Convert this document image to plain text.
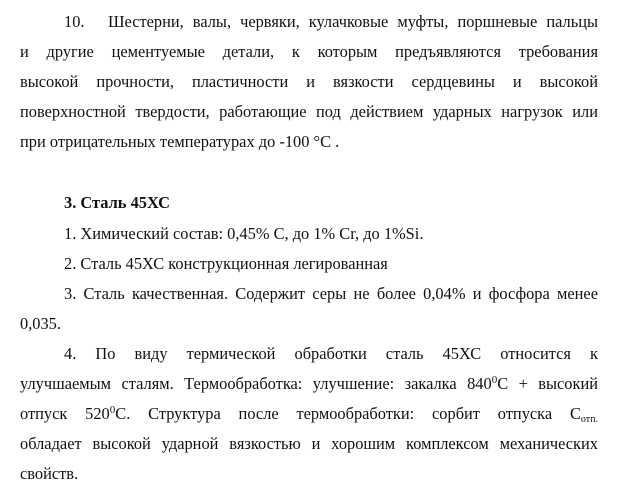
10. Шестерни, валы, червяки, кулачковые муфты, поршневые пальцы
и другие цементуемые детали, к которым предъявляются требования
высокой прочности, пластичности и вязкости сердцевины и высокой
поверхностной твердости, работающие под действием ударных нагрузок или
при отрицательных температурах до -100 °С .
3. Сталь 45ХС
1. Химический состав: 0,45% С, до 1% Cr, до 1%Si.
2. Сталь 45ХС конструкционная легированная
3. Сталь качественная. Содержит серы не более 0,04% и фосфора менее
0,035.
4. По виду термической обработки сталь 45ХС относится к
улучшаемым сталям. Термообработка: улучшение: закалка $840^0С$ + высокий
отпуск $520^0С$. Структура после термообработки: сорбит отпуска $С_{отп.}$
обладает высокой ударной вязкостью и хорошим комплексом механических
свойств.
